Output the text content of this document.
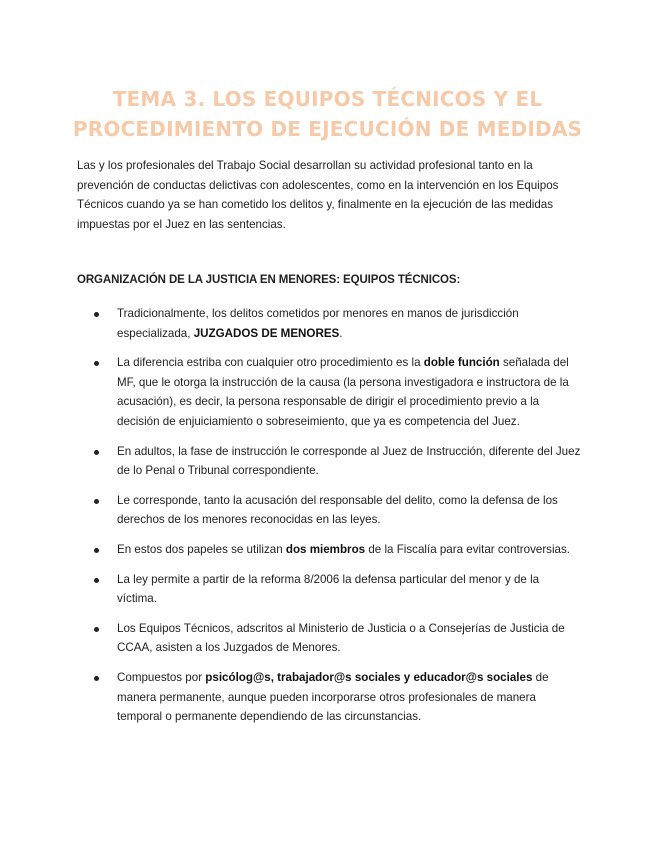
TEMA 3. LOS EQUIPOS TÉCNICOS Y EL PROCEDIMIENTO DE EJECUCIÓN DE MEDIDAS

Las y los profesionales del Trabajo Social desarrollan su actividad profesional tanto en la prevención de conductas delictivas con adolescentes, como en la intervención en los Equipos Técnicos cuando ya se han cometido los delitos y, finalmente en la ejecución de las medidas impuestas por el Juez en las sentencias.

ORGANIZACIÓN DE LA JUSTICIA EN MENORES: EQUIPOS TÉCNICOS:
Tradicionalmente, los delitos cometidos por menores en manos de jurisdicción especializada, JUZGADOS DE MENORES.
La diferencia estriba con cualquier otro procedimiento es la doble función señalada del MF, que le otorga la instrucción de la causa (la persona investigadora e instructora de la acusación), es decir, la persona responsable de dirigir el procedimiento previo a la decisión de enjuiciamiento o sobreseimiento, que ya es competencia del Juez.
En adultos, la fase de instrucción le corresponde al Juez de Instrucción, diferente del Juez de lo Penal o Tribunal correspondiente.
Le corresponde, tanto la acusación del responsable del delito, como la defensa de los derechos de los menores reconocidas en las leyes.
En estos dos papeles se utilizan dos miembros de la Fiscalía para evitar controversias.
La ley permite a partir de la reforma 8/2006 la defensa particular del menor y de la víctima.
Los Equipos Técnicos, adscritos al Ministerio de Justicia o a Consejerías de Justicia de CCAA, asisten a los Juzgados de Menores.
Compuestos por psicólog@s, trabajador@s sociales y educador@s sociales de manera permanente, aunque pueden incorporarse otros profesionales de manera temporal o permanente dependiendo de las circunstancias.
